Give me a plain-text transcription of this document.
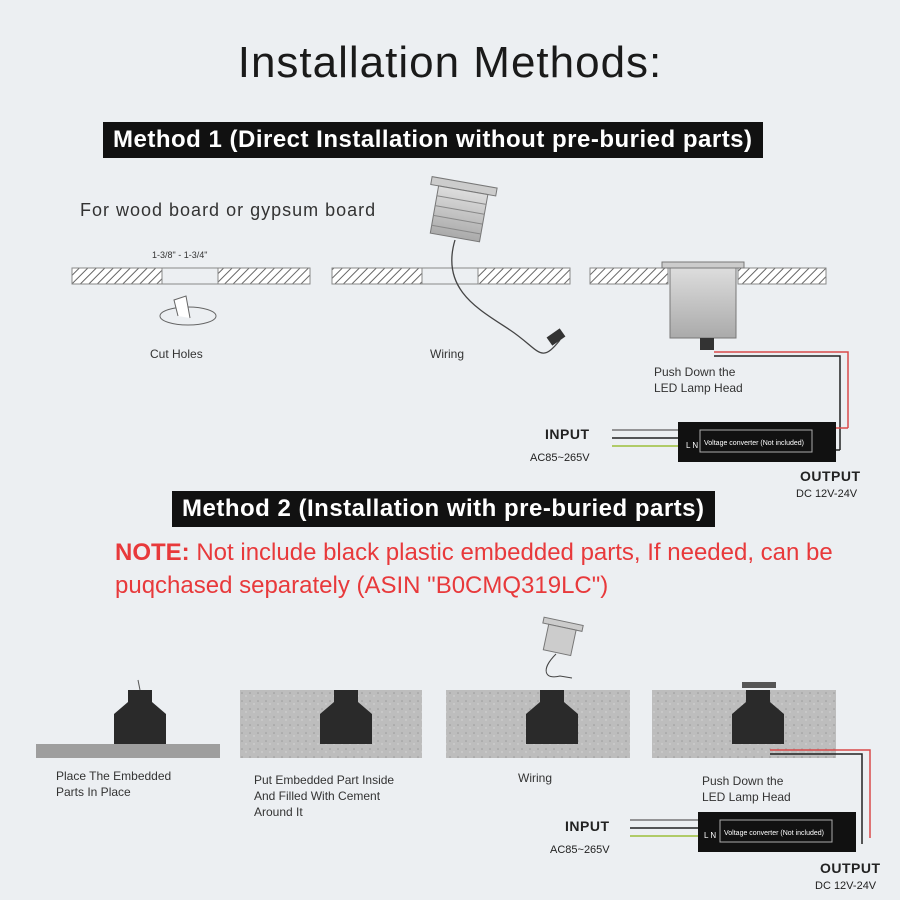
Installation Methods:
Method 1 (Direct Installation without pre-buried parts)
For wood board or gypsum board
1-3/8" - 1-3/4"
Voltage converter (Not included)
L N
Cut Holes	Wiring
Push Down the
LED Lamp Head
INPUT
AC85~265V
OUTPUT
DC 12V-24V
Method 2 (Installation with pre-buried parts)
NOTE: Not include black plastic embedded parts, If needed, can be puqchased separately (ASIN "B0CMQ319LC")
Voltage converter (Not included)
L N
Place The Embedded
Parts In Place
Put Embedded Part Inside
And Filled With Cement
Around It
Wiring	Push Down the
LED Lamp Head
INPUT
AC85~265V
OUTPUT
DC 12V-24V
